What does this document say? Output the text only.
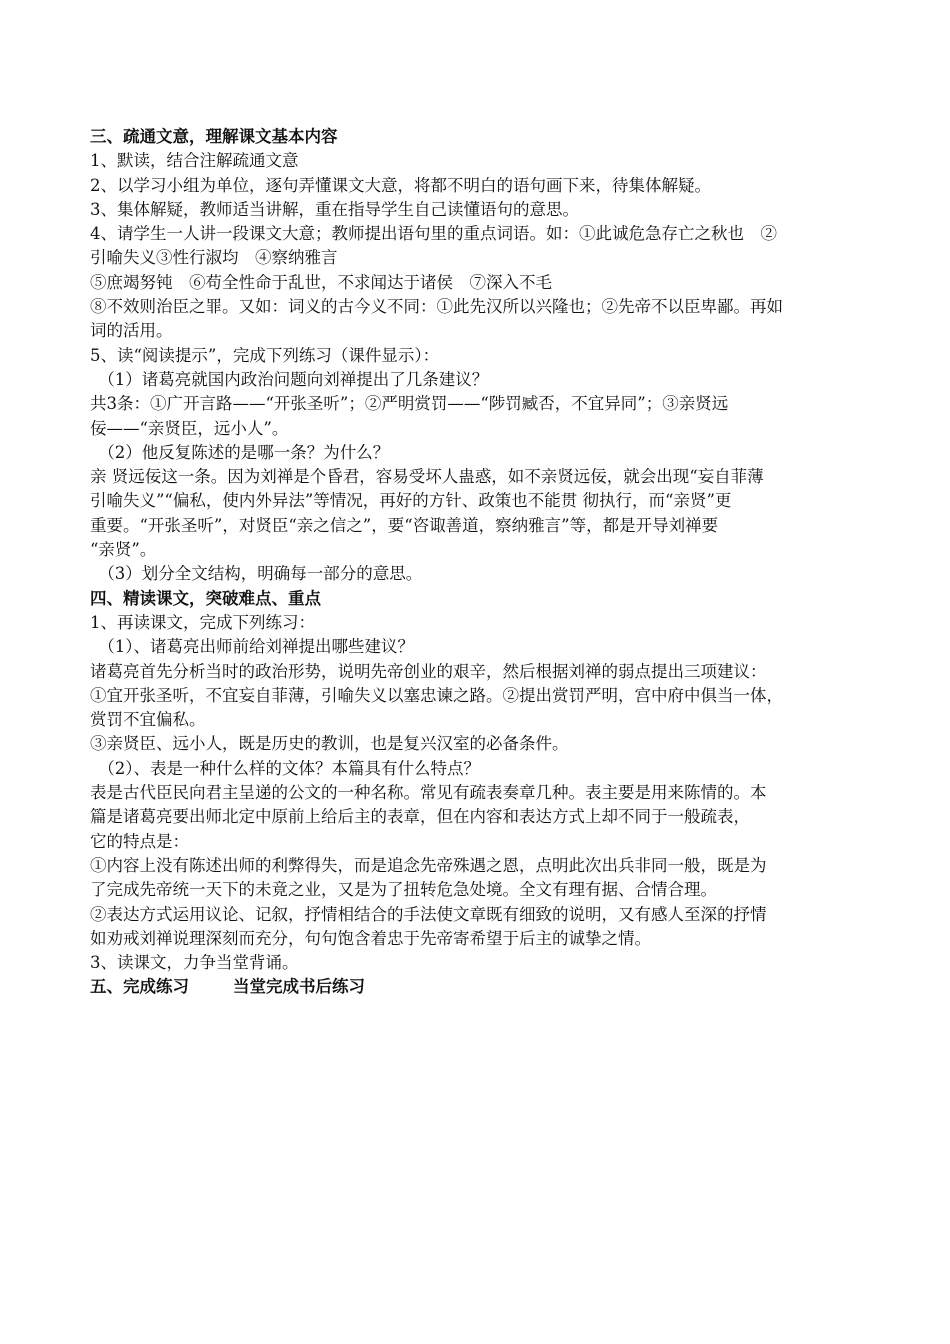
三、疏通文意，理解课文基本内容

1、默读，结合注解疏通文意

2、以学习小组为单位，逐句弄懂课文大意，将都不明白的语句画下来，待集体解疑。

3、集体解疑，教师适当讲解，重在指导学生自己读懂语句的意思。

4、请学生一人讲一段课文大意；教师提出语句里的重点词语。如：①此诚危急存亡之秋也　②

引喻失义③性行淑均　④察纳雅言

⑤庶竭努钝　⑥苟全性命于乱世，不求闻达于诸侯　⑦深入不毛

⑧不效则治臣之罪。又如：词义的古今义不同：①此先汉所以兴隆也；②先帝不以臣卑鄙。再如

词的活用。

5、读“阅读提示”，完成下列练习（课件显示）：

（1）诸葛亮就国内政治问题向刘禅提出了几条建议？

共3条：①广开言路——“开张圣听”；②严明赏罚——“陟罚臧否，不宜异同”；③亲贤远

佞——“亲贤臣，远小人”。

（2）他反复陈述的是哪一条？为什么？

亲 贤远佞这一条。因为刘禅是个昏君，容易受坏人蛊惑，如不亲贤远佞，就会出现“妄自菲薄

引喻失义”“偏私，使内外异法”等情况，再好的方针、政策也不能贯 彻执行，而“亲贤”更

重要。“开张圣听”，对贤臣“亲之信之”，要“咨诹善道，察纳雅言”等，都是开导刘禅要

“亲贤”。

（3）划分全文结构，明确每一部分的意思。

四、精读课文，突破难点、重点

1、再读课文，完成下列练习：

（1）、诸葛亮出师前给刘禅提出哪些建议？

诸葛亮首先分析当时的政治形势，说明先帝创业的艰辛，然后根据刘禅的弱点提出三项建议：

①宜开张圣听，不宜妄自菲薄，引喻失义以塞忠谏之路。②提出赏罚严明，宫中府中俱当一体，

赏罚不宜偏私。

③亲贤臣、远小人，既是历史的教训，也是复兴汉室的必备条件。

（2）、表是一种什么样的文体？本篇具有什么特点？

表是古代臣民向君主呈递的公文的一种名称。常见有疏表奏章几种。表主要是用来陈情的。本

篇是诸葛亮要出师北定中原前上给后主的表章，但在内容和表达方式上却不同于一般疏表，

它的特点是：

①内容上没有陈述出师的利弊得失，而是追念先帝殊遇之恩，点明此次出兵非同一般，既是为

了完成先帝统一天下的未竟之业，又是为了扭转危急处境。全文有理有据、合情合理。

②表达方式运用议论、记叙，抒情相结合的手法使文章既有细致的说明，又有感人至深的抒情

如劝戒刘禅说理深刻而充分，句句饱含着忠于先帝寄希望于后主的诚挚之情。

3、读课文，力争当堂背诵。

五、完成练习	当堂完成书后练习
